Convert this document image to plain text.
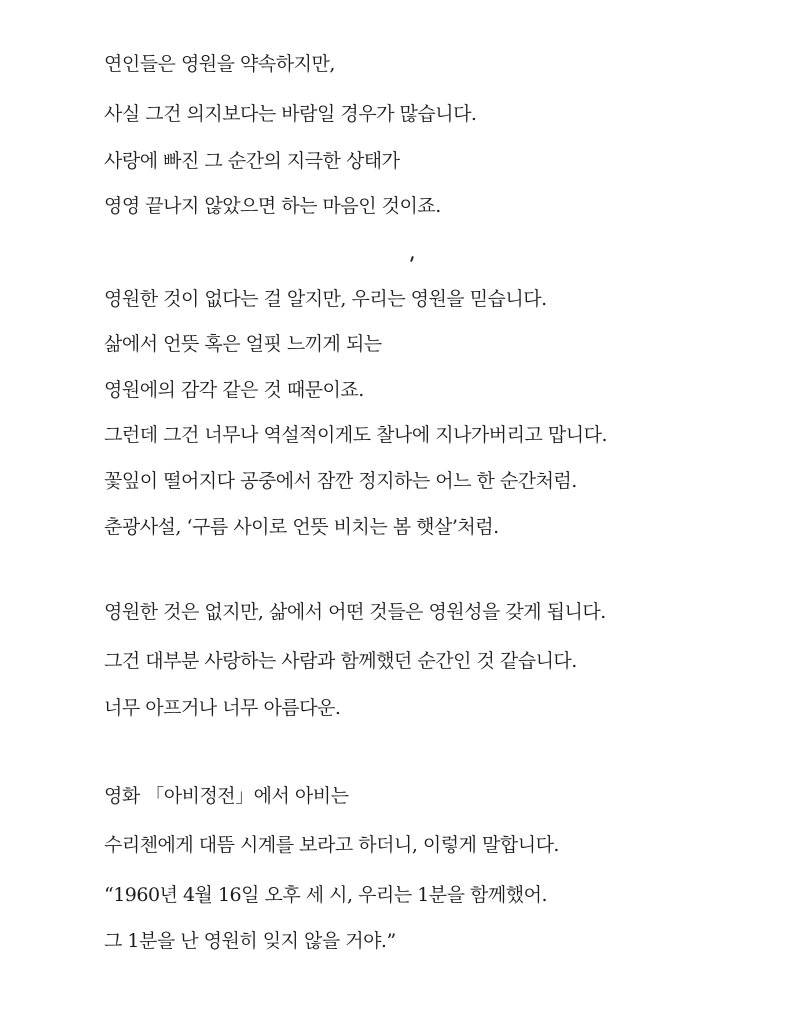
연인들은 영원을 약속하지만,

사실 그건 의지보다는 바람일 경우가 많습니다.

사랑에 빠진 그 순간의 지극한 상태가

영영 끝나지 않았으면 하는 마음인 것이죠.

영원한 것이 없다는 걸 알지만, 우리는 영원을 믿습니다.

삶에서 언뜻 혹은 얼핏 느끼게 되는

영원에의 감각 같은 것 때문이죠.

그런데 그건 너무나 역설적이게도 찰나에 지나가버리고 맙니다.

꽃잎이 떨어지다 공중에서 잠깐 정지하는 어느 한 순간처럼.

춘광사설, ‘구름 사이로 언뜻 비치는 봄 햇살’처럼.

영원한 것은 없지만, 삶에서 어떤 것들은 영원성을 갖게 됩니다.

그건 대부분 사랑하는 사람과 함께했던 순간인 것 같습니다.

너무 아프거나 너무 아름다운.

영화 「아비정전」에서 아비는

수리첸에게 대뜸 시계를 보라고 하더니, 이렇게 말합니다.

“1960년 4월 16일 오후 세 시, 우리는 1분을 함께했어.

그 1분을 난 영원히 잊지 않을 거야.”
